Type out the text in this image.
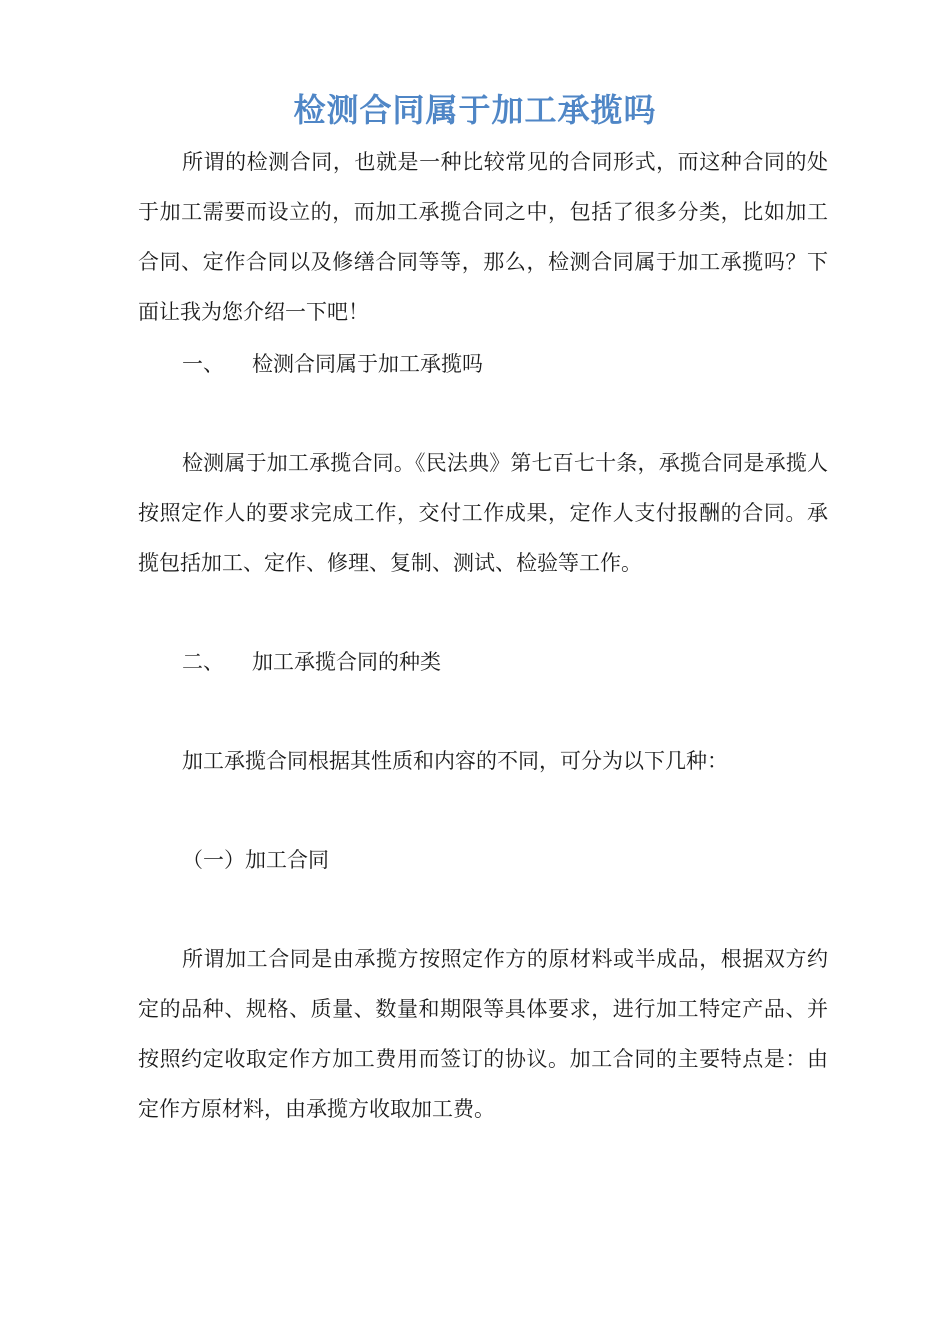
检测合同属于加工承揽吗

所谓的检测合同，也就是一种比较常见的合同形式，而这种合同的处于加工需要而设立的，而加工承揽合同之中，包括了很多分类，比如加工合同、定作合同以及修缮合同等等，那么，检测合同属于加工承揽吗？下面让我为您介绍一下吧！

一、 检测合同属于加工承揽吗

检测属于加工承揽合同。《民法典》第七百七十条，承揽合同是承揽人按照定作人的要求完成工作，交付工作成果，定作人支付报酬的合同。承揽包括加工、定作、修理、复制、测试、检验等工作。

二、 加工承揽合同的种类

加工承揽合同根据其性质和内容的不同，可分为以下几种：

（一）加工合同

所谓加工合同是由承揽方按照定作方的原材料或半成品，根据双方约定的品种、规格、质量、数量和期限等具体要求，进行加工特定产品、并按照约定收取定作方加工费用而签订的协议。加工合同的主要特点是：由定作方原材料，由承揽方收取加工费。
